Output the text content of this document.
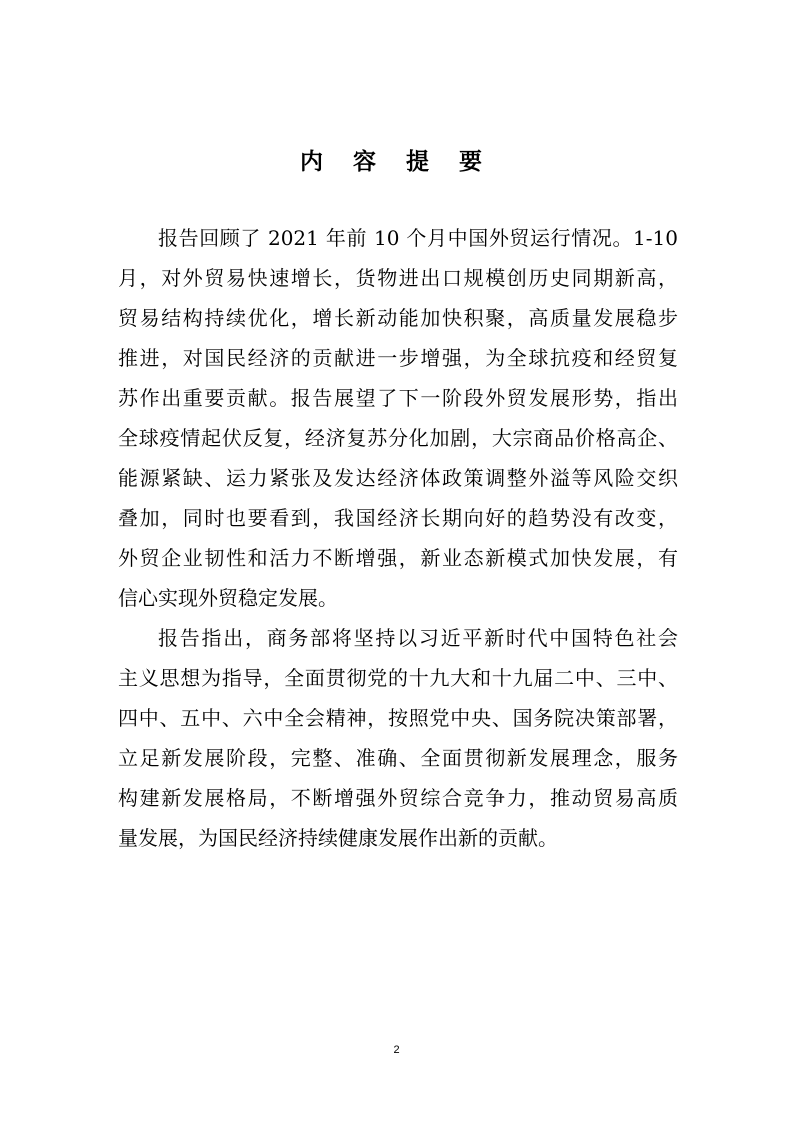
内 容 提 要

报告回顾了 2021 年前 10 个月中国外贸运行情况。1-10
月，对外贸易快速增长，货物进出口规模创历史同期新高，
贸易结构持续优化，增长新动能加快积聚，高质量发展稳步
推进，对国民经济的贡献进一步增强，为全球抗疫和经贸复
苏作出重要贡献。报告展望了下一阶段外贸发展形势，指出
全球疫情起伏反复，经济复苏分化加剧，大宗商品价格高企、
能源紧缺、运力紧张及发达经济体政策调整外溢等风险交织
叠加，同时也要看到，我国经济长期向好的趋势没有改变，
外贸企业韧性和活力不断增强，新业态新模式加快发展，有
信心实现外贸稳定发展。

报告指出，商务部将坚持以习近平新时代中国特色社会
主义思想为指导，全面贯彻党的十九大和十九届二中、三中、
四中、五中、六中全会精神，按照党中央、国务院决策部署，
立足新发展阶段，完整、准确、全面贯彻新发展理念，服务
构建新发展格局，不断增强外贸综合竞争力，推动贸易高质
量发展，为国民经济持续健康发展作出新的贡献。

2
